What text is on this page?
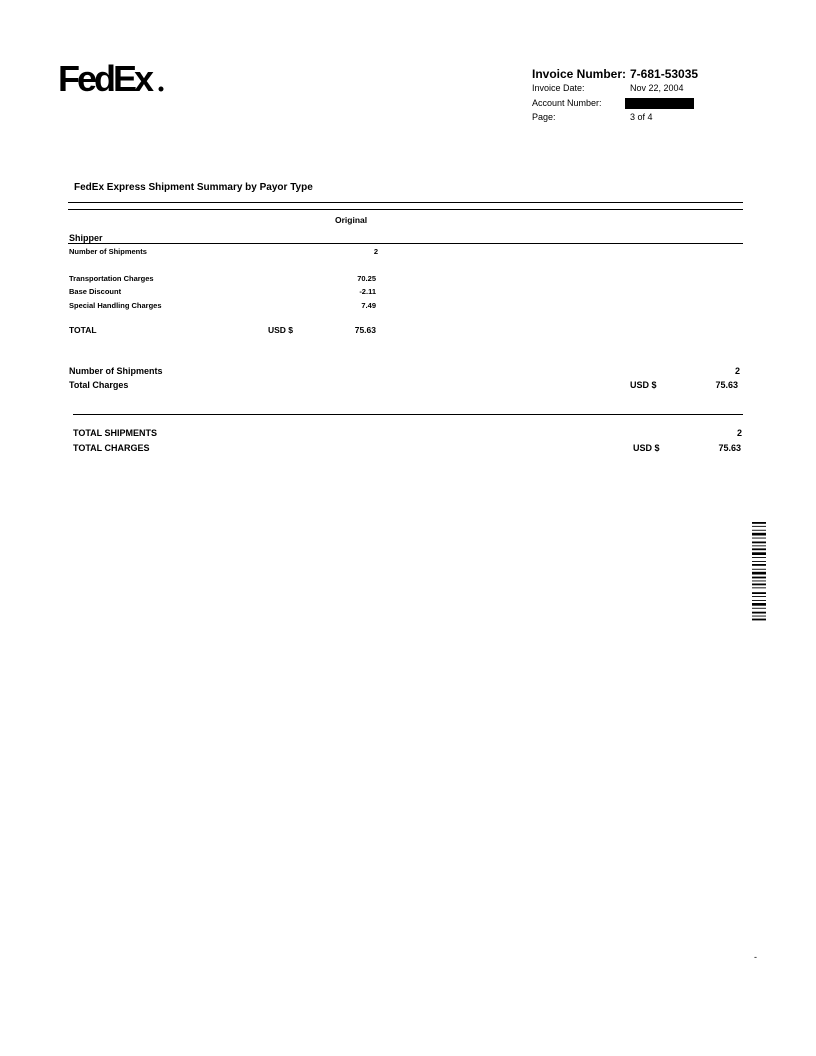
FedEx	Invoice Number: 7-681-53035
Invoice Date:	Nov 22, 2004
Account Number:
Page:	3 of 4
FedEx Express Shipment Summary by Payor Type
Original
Shipper
Number of Shipments	2
Transportation Charges	70.25
Base Discount	-2.11
Special Handling Charges	7.49
TOTAL	USD $	75.63
Number of Shipments	2
Total Charges	USD $	75.63
TOTAL SHIPMENTS	2
TOTAL CHARGES	USD $	75.63
-
